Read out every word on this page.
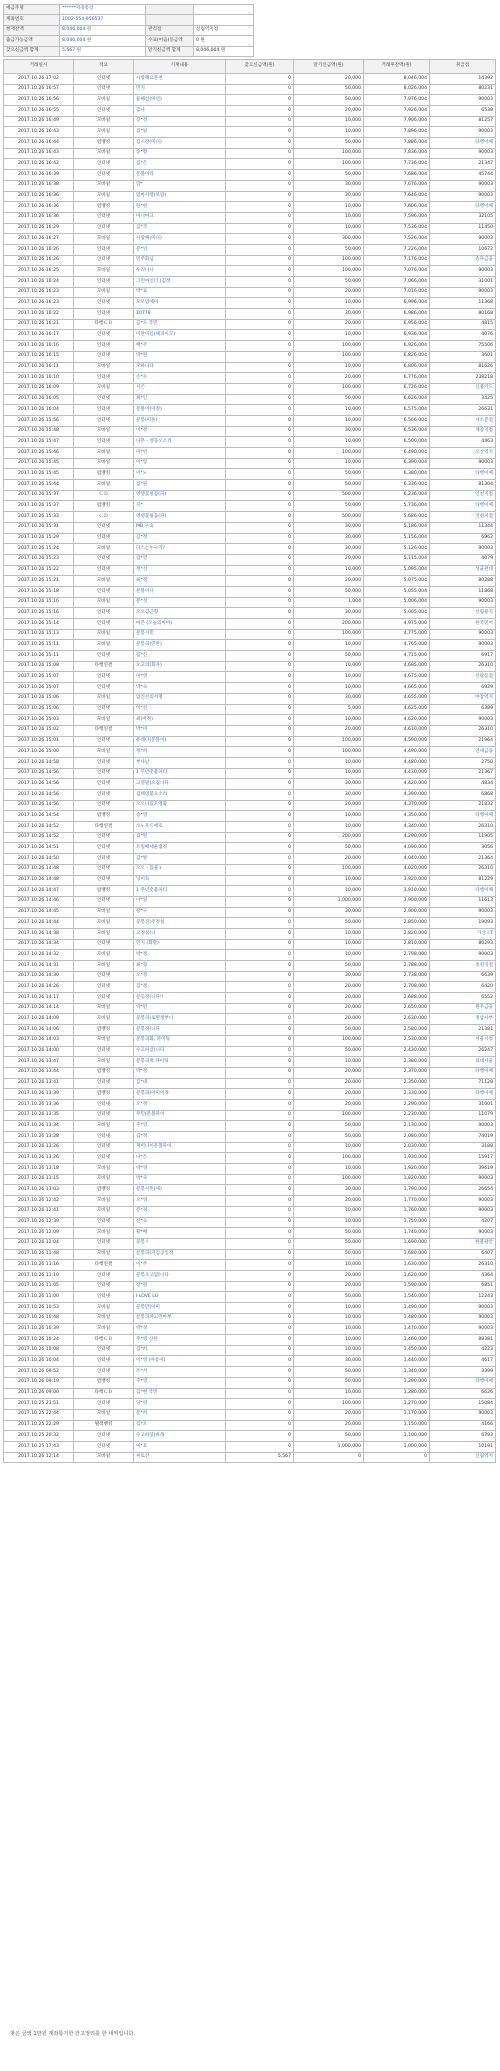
예금주명	******저축통장		
계좌번호	1002-554-956537		
현재잔액	8,046,004 원	관리점	신림역지점
출금가능금액	8,046,004 원	수표(어음)등금액	0 원
찾으신금액 합계	5,567 원	맡기신금액 합계	8,046,004 원
거래일시	적요	기재내용	찾으신금액(원)	맡기신금액(원)	거래후잔액(원)	취급점
2017.10.26 17:02	인터넷	사랑해요문천	0	20,000	8,046,004	14392
2017.10.26 16:57	인터넷	민지	0	50,000	8,026,004	80231
2017.10.26 16:56	모바일	윤혜신(미선)	0	50,000	7,976,004	90003
2017.10.26 16:55	인터넷	김나	0	20,000	7,926,004	6538
2017.10.26 16:49	모바일	장*정	0	10,000	7,906,004	81257
2017.10.26 16:43	모바일	김*일	0	10,000	7,896,004	90003
2017.10.26 16:44	펌뱅킹	김시장(미니)	0	50,000	7,886,004	타행이체
2017.10.26 16:43	모바일	송*향	0	100,000	7,836,004	90003
2017.10.26 16:42	인터넷	김*은	0	100,000	7,736,004	21347
2017.10.26 16:39	인터넷	문볼이라	0	50,000	7,686,004	45744
2017.10.26 16:38	모바일	맘*	0	30,000	7,676,004	90003
2017.10.26 16:36	모바일	엄마사랑(보람)	0	30,000	7,646,004	90003
2017.10.26 16:36	펌뱅킹	한*현	0	10,000	7,606,004	타행이체
2017.10.26 16:36	인터넷	미니마크	0	10,000	7,596,004	32105
2017.10.26 16:29	인터넷	김*국	0	10,000	7,536,004	11450
2017.10.26 16:27	모바일	사랑해(미니)	0	300,000	7,526,004	90003
2017.10.26 16:26	인터넷	문*인	0	50,000	7,226,004	10672
2017.10.26 16:26	인터넷	민주화님	0	100,000	7,176,004	송파금융
2017.10.26 16:25	모바일	우리나니	0	100,000	7,076,004	90003
2017.10.26 16:24	인터넷	그린마인더 (김정	0	50,000	7,066,004	31001
2017.10.26 16:23	모바일	박*표	0	20,000	7,016,004	90003
2017.10.26 16:23	인터넷	모모맘에미	0	10,000	6,996,004	11368
2017.10.26 16:22	인터넷	10778	0	30,000	6,986,004	80168
2017.10.26 16:21	타행ＣＤ	김*오 국민	0	20,000	6,956,004	4815
2017.10.26 16:17	인터넷	미란이름(해피이모)	0	10,000	6,936,004	4076
2017.10.26 16:16	인터넷	배*주	0	100,000	6,926,004	75506
2017.10.26 16:15	인터넷	박*원	0	100,000	6,826,004	3601
2017.10.26 16:11	모바일	모하나다	0	10,000	6,806,004	81626
2017.10.26 16:10	인터넷	손*수	0	20,000	6,776,004	238218
2017.10.26 16:09	모바일	시은	0	100,000	6,726,004	신용카드
2017.10.26 16:05	인터넷	최*인	0	50,000	6,626,004	3425
2017.10.26 16:04	인터넷	문볼이(미정)	0	10,000	6,575,004	26631
2017.10.26 15:56	인터넷	문봉(미혼)	0	10,000	6,566,004	서소문점
2017.10.26 15:48	모바일	이*정	0	30,000	6,536,004	재중지점
2017.10.26 15:47	인터넷	나무 - 영웅오소리	0	10,000	6,500,004	4463
2017.10.26 15:46	모바일	이*빈	0	100,000	6,490,004	오산역지
2017.10.26 15:45	모바일	이*랑	0	10,000	6,390,004	90003
2017.10.26 15:45	펌뱅킹	이*노	0	50,000	6,380,004	타행이체
2017.10.26 15:44	모바일	김*원	0	50,000	6,336,004	81304
2017.10.26 15:37	ＣＤ	영영꽃필꼼(파)	0	500,000	6,236,004	인천지점
2017.10.26 15:37	펌뱅킹	지*	0	50,000	5,736,004	타행이체
2017.10.26 15:33	ＣＤ	영영꽃필꼼(파)	0	500,000	5,686,004	인천지점
2017.10.26 15:31	인터넷	MB 구속	0	30,000	5,186,004	11344
2017.10.26 15:29	인터넷	김*정	0	30,000	5,156,004	6962
2017.10.26 15:24	모바일	다스는누구거?	0	30,000	5,126,004	90003
2017.10.26 15:23	인터넷	김*영	0	20,000	5,115,004	4079
2017.10.26 15:22	인터넷	정*선	0	10,000	5,095,004	성균관대
2017.10.26 15:21	모바일	최*정	0	20,000	5,075,004	80288
2017.10.26 15:18	인터넷	문볼이니	0	50,000	5,055,004	11868
2017.10.26 15:16	모바일	문*성	0	1,004	5,006,004	90003
2017.10.26 15:16	인터넷	오오김근형	0	30,000	5,005,004	신림용지
2017.10.26 15:14	인터넷	마픈 (오늘의마마)	0	200,000	4,975,000	한국민어
2017.10.26 15:13	모바일	문봉시민	0	100,000	4,775,000	90003
2017.10.26 15:11	모바일	문봉피(민찬)	0	10,000	4,765,000	90003
2017.10.26 15:11	인터넷	김*신	0	50,000	4,715,000	6917
2017.10.26 15:08	타행연결	오고의(회자)	0	10,000	4,685,000	26310
2017.10.26 15:07	인터넷	이*영	0	10,000	4,675,000	신당동점
2017.10.26 15:07	인터넷	박*숙	0	10,000	4,665,000	6929
2017.10.26 15:06	모바일	임진선의서명	0	30,000	4,655,000	마장역지
2017.10.26 15:06	인터넷	이*선	0	5,000	4,625,000	6389
2017.10.26 15:03	모바일	최(미정)	0	10,000	4,620,000	90003
2017.10.26 15:02	타행연결	박*미	0	20,000	4,610,000	26310
2017.10.26 15:01	인터넷	퓨레다(문볼이)	0	100,000	4,590,000	21964
2017.10.26 15:00	모바일	정*희	0	100,000	4,490,000	연세금융
2017.10.26 14:58	인터넷	부나난	0	10,000	4,480,000	2750
2017.10.26 14:56	인터넷	1 주년촛불파티	0	10,000	4,430,000	21367
2017.10.26 14:56	인터넷	고영말(으집니다	0	30,000	4,420,000	4834
2017.10.26 14:56	인터넷	김태영불오소리	0	30,000	4,390,000	6868
2017.10.26 14:56	인터넷	오오나밌오영출	0	20,000	4,370,000	21832
2017.10.26 14:54	펌뱅킹	송*영	0	10,000	4,350,000	타행이체
2017.10.26 14:52	타행연결	소노우드애호	0	10,000	4,340,000	26310
2017.10.26 14:52	인터넷	김*원	0	200,000	4,290,000	11905
2017.10.26 14:51	인터넷	트릴배세운범정	0	50,000	4,090,000	3056
2017.10.26 14:50	인터넷	김*방	0	20,000	4,040,000	21364
2017.10.26 14:48	인터넷	오오 - 뜸물+	0	100,000	4,020,000	26310
2017.10.26 14:48	인터넷	넝이득	0	10,000	3,920,000	81229
2017.10.26 14:47	펌뱅킹	1 주년촛불파티	0	10,000	3,910,000	타행이체
2017.10.26 14:46	인터넷	나*일	0	1,000,000	3,900,000	11613
2017.10.26 14:45	모바일	강*구	0	30,000	2,900,000	90003
2017.10.26 14:44	모바일	문봉진(주정실	0	50,000	2,850,000	19093
2017.10.26 14:38	모바일	고정실(니	0	10,000	2,820,000	가산 I T
2017.10.26 14:34	인터넷	민지 (회망)	0	10,000	2,810,000	80293
2017.10.26 14:32	모바일	박*정	0	10,000	2,798,000	90003
2017.10.26 14:31	모바일	최*형	0	50,000	2,788,000	옥천지점
2017.10.26 14:30	인터넷	오*정	0	30,000	2,738,000	6639
2017.10.26 14:26	인터넷	김*정	0	20,000	2,708,000	6420
2017.10.26 14:17	인터넷	문등정(니다!!	0	20,000	2,688,000	6552
2017.10.26 14:14	모바일	박*련	0	20,000	2,650,000	원주금융
2017.10.26 14:09	모바일	문봉피(로명정부니	0	20,000	2,630,000	정납사부
2017.10.26 14:06	펌뱅킹	문봉정(니다	0	50,000	2,580,000	21381
2017.10.26 14:03	모바일	문봉피화, 파이팅	0	100,000	2,530,000	서울시청
2017.10.26 14:00	인터넷	수고하셨(니다	0	50,000	2,430,000	26247
2017.10.26 13:47	모바일	문봉피혀 파이팅	0	10,000	2,380,000	외대서울
2017.10.26 13:44	펌뱅킹	박*정	0	20,000	2,370,000	타행이체
2017.10.26 13:41	인터넷	김*대	0	20,000	2,350,000	71128
2017.10.26 13:39	펌뱅킹	문봉피(이미이정	0	20,000	2,330,000	타행이체
2017.10.26 13:36	인터넷	오*정	0	20,000	2,290,000	31001
2017.10.26 13:35	인터넷	무민(문볼파이	0	100,000	2,230,000	11079
2017.10.26 13:34	모바일	주*영	0	50,000	2,130,000	90003
2017.10.26 13:28	인터넷	김*정	0	50,000	2,080,000	74019
2017.10.26 13:26	인터넷	재미나이문볼파이	0	10,000	2,030,000	3188
2017.10.26 13:26	인터넷	나*은	0	100,000	1,930,000	15917
2017.10.26 13:18	모바일	박*영	0	10,000	1,920,000	39619
2017.10.26 13:15	모바일	박*숙	0	100,000	1,820,000	90003
2017.10.26 13:03	펌뱅킹	문봉시민(세)	0	30,000	1,790,000	26654
2017.10.26 12:42	모바일	오*영	0	20,000	1,770,000	90003
2017.10.26 12:41	모바일	문*경	0	10,000	1,760,000	90003
2017.10.26 12:39	인터넷	신*숙	0	10,000	1,750,000	4207
2017.10.26 12:09	모바일	황*배	0	50,000	1,740,000	90003
2017.10.26 12:04	인터넷	문봉 I	0	50,000	1,690,000	한불광안
2017.10.26 11:48	모바일	문봉피(파김공동정	0	50,000	1,680,000	6407
2017.10.26 11:16	타행연결	이*주	0	10,000	1,630,000	26310
2017.10.26 11:10	인터넷	문봉오고맙(니다	0	20,000	1,620,000	4364
2017.10.26 11:05	인터넷	장*원	0	20,000	1,590,000	6851
2017.10.26 11:00	인터넷	I LOVE LG	0	50,000	1,540,000	12243
2017.10.26 10:53	모바일	문봉만(이미	0	10,000	1,490,000	90003
2017.10.26 10:48	모바일	문봉피파고민마부	0	10,000	1,480,000	90003
2017.10.26 10:39	모바일	박*성	0	10,000	1,470,000	90003
2017.10.26 10:24	타행ＣＤ	주*영 신한	0	10,000	1,460,000	88381
2017.10.26 10:08	인터넷	김*희	0	10,000	1,450,000	4223
2017.10.26 10:04	인터넷	이*영 (아롱이)	0	30,000	1,440,000	4617
2017.10.26 09:52	인터넷	조*서	0	50,000	1,340,000	3399
2017.10.26 09:19	펌뱅킹	주*영	0	50,000	1,290,000	타행이체
2017.10.26 09:00	타행ＣＤ	김*현 국민	0	10,000	1,280,000	6626
2017.10.25 23:51	인터넷	양*영	0	100,000	1,270,000	15084
2017.10.25 22:44	모바일	문*희	0	20,000	1,170,000	90003
2017.10.25 22:29	텔레뱅킹	김*오	0	20,000	1,150,000	4166
2017.10.25 20:32	인터넷	수고하셨(바래	0	50,000	1,100,000	6793
2017.10.25 17:43	인터넷	이*호	0	1,000,000	1,000,000	10191
2017.10.26 12:14	모바일	씨토진	5,567	0	0	신림역지
찾은 금액 1만원 계좌통기한 잔고정리를 한 내역입니다.
